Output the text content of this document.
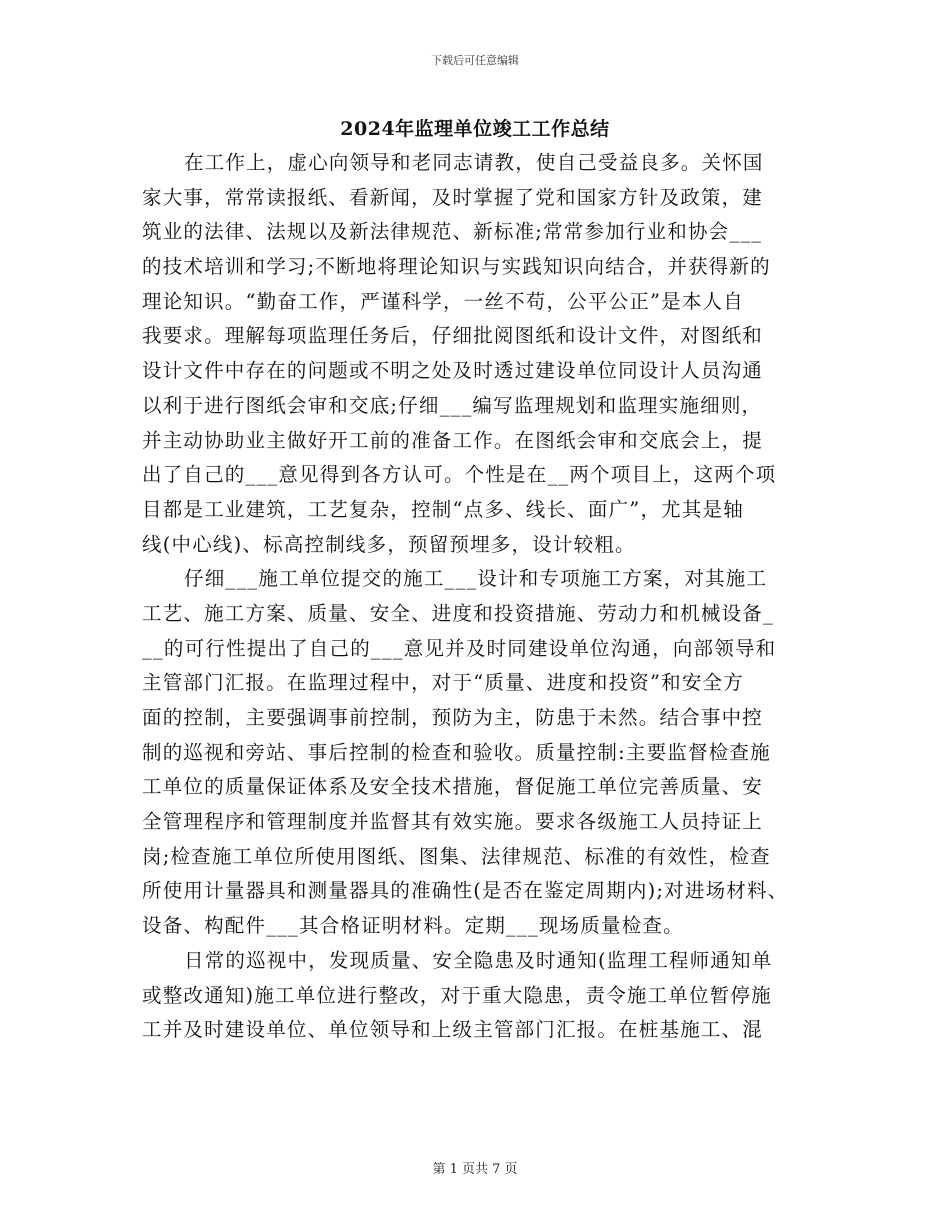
下载后可任意编辑
2024年监理单位竣工工作总结
在工作上，虚心向领导和老同志请教，使自己受益良多。关怀国
家大事，常常读报纸、看新闻，及时掌握了党和国家方针及政策，建
筑业的法律、法规以及新法律规范、新标准;常常参加行业和协会___
的技术培训和学习;不断地将理论知识与实践知识向结合，并获得新的
理论知识。“勤奋工作，严谨科学，一丝不苟，公平公正”是本人自
我要求。理解每项监理任务后，仔细批阅图纸和设计文件，对图纸和
设计文件中存在的问题或不明之处及时透过建设单位同设计人员沟通
以利于进行图纸会审和交底;仔细___编写监理规划和监理实施细则，
并主动协助业主做好开工前的准备工作。在图纸会审和交底会上，提
出了自己的___意见得到各方认可。个性是在__两个项目上，这两个项
目都是工业建筑，工艺复杂，控制“点多、线长、面广”，尤其是轴
线(中心线)、标高控制线多，预留预埋多，设计较粗。
仔细___施工单位提交的施工___设计和专项施工方案，对其施工
工艺、施工方案、质量、安全、进度和投资措施、劳动力和机械设备_
__的可行性提出了自己的___意见并及时同建设单位沟通，向部领导和
主管部门汇报。在监理过程中，对于“质量、进度和投资”和安全方
面的控制，主要强调事前控制，预防为主，防患于未然。结合事中控
制的巡视和旁站、事后控制的检查和验收。质量控制:主要监督检查施
工单位的质量保证体系及安全技术措施，督促施工单位完善质量、安
全管理程序和管理制度并监督其有效实施。要求各级施工人员持证上
岗;检查施工单位所使用图纸、图集、法律规范、标准的有效性，检查
所使用计量器具和测量器具的准确性(是否在鉴定周期内);对进场材料、
设备、构配件___其合格证明材料。定期___现场质量检查。
日常的巡视中，发现质量、安全隐患及时通知(监理工程师通知单
或整改通知)施工单位进行整改，对于重大隐患，责令施工单位暂停施
工并及时建设单位、单位领导和上级主管部门汇报。在桩基施工、混
第 1 页共 7 页
